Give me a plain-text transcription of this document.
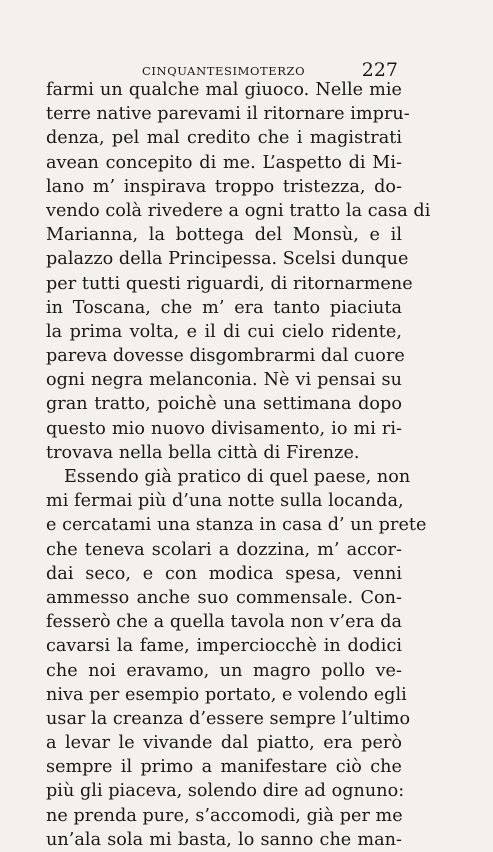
CINQUANTESIMOTERZO	227
farmi un qualche mal giuoco. Nelle mie
terre native parevami il ritornare impru-
denza, pel mal credito che i magistrati
avean concepito di me. L’aspetto di Mi-
lano m’ inspirava troppo tristezza, do-
vendo colà rivedere a ogni tratto la casa di
Marianna, la bottega del Monsù, e il
palazzo della Principessa. Scelsi dunque
per tutti questi riguardi, di ritornarmene
in Toscana, che m’ era tanto piaciuta
la prima volta, e il di cui cielo ridente,
pareva dovesse disgombrarmi dal cuore
ogni negra melanconia. Nè vi pensai su
gran tratto, poichè una settimana dopo
questo mio nuovo divisamento, io mi ri-
trovava nella bella città di Firenze.
Essendo già pratico di quel paese, non
mi fermai più d’una notte sulla locanda,
e cercatami una stanza in casa d’ un prete
che teneva scolari a dozzina, m’ accor-
dai seco, e con modica spesa, venni
ammesso anche suo commensale. Con-
fesserò che a quella tavola non v’era da
cavarsi la fame, imperciocchè in dodici
che noi eravamo, un magro pollo ve-
niva per esempio portato, e volendo egli
usar la creanza d’essere sempre l’ultimo
a levar le vivande dal piatto, era però
sempre il primo a manifestare ciò che
più gli piaceva, solendo dire ad ognuno:
ne prenda pure, s’accomodi, già per me
un’ala sola mi basta, lo sanno che man-
